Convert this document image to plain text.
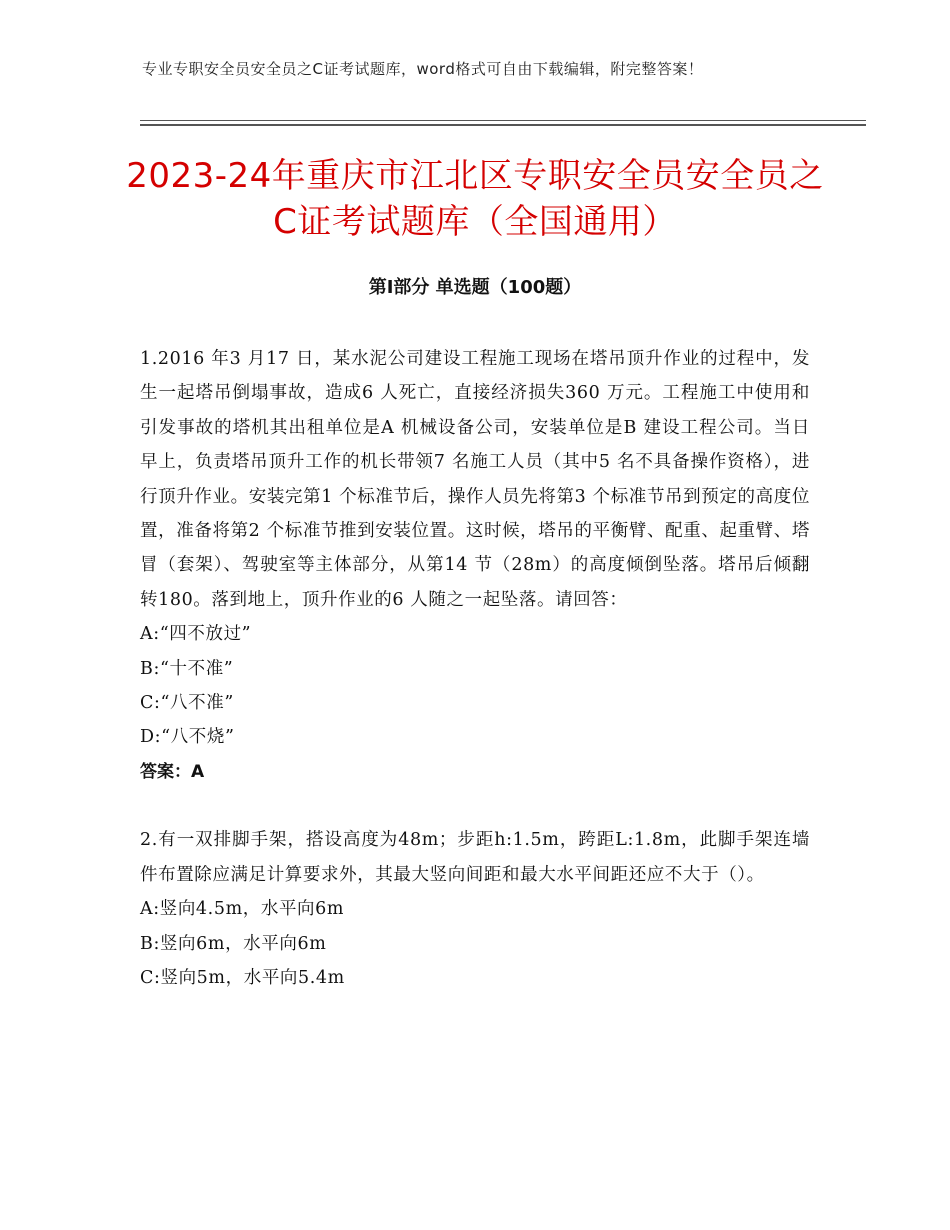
专业专职安全员安全员之C证考试题库，word格式可自由下载编辑，附完整答案！
2023-24年重庆市江北区专职安全员安全员之C证考试题库（全国通用）
第Ⅰ部分 单选题（100题）

1.2016 年3 月17 日，某水泥公司建设工程施工现场在塔吊顶升作业的过程中，发生一起塔吊倒塌事故，造成6 人死亡，直接经济损失360 万元。工程施工中使用和引发事故的塔机其出租单位是A 机械设备公司，安装单位是B 建设工程公司。当日早上，负责塔吊顶升工作的机长带领7 名施工人员（其中5 名不具备操作资格），进行顶升作业。安装完第1 个标准节后，操作人员先将第3 个标准节吊到预定的高度位置，准备将第2 个标准节推到安装位置。这时候，塔吊的平衡臂、配重、起重臂、塔冒（套架）、驾驶室等主体部分，从第14 节（28m）的高度倾倒坠落。塔吊后倾翻转180。落到地上，顶升作业的6 人随之一起坠落。请回答：

A:“四不放过”

B:“十不准”

C:“八不准”

D:“八不烧”

答案：A

2.有一双排脚手架，搭设高度为48m；步距h:1.5m，跨距L:1.8m，此脚手架连墙件布置除应满足计算要求外，其最大竖向间距和最大水平间距还应不大于（）。

A:竖向4.5m，水平向6m

B:竖向6m，水平向6m

C:竖向5m，水平向5.4m
